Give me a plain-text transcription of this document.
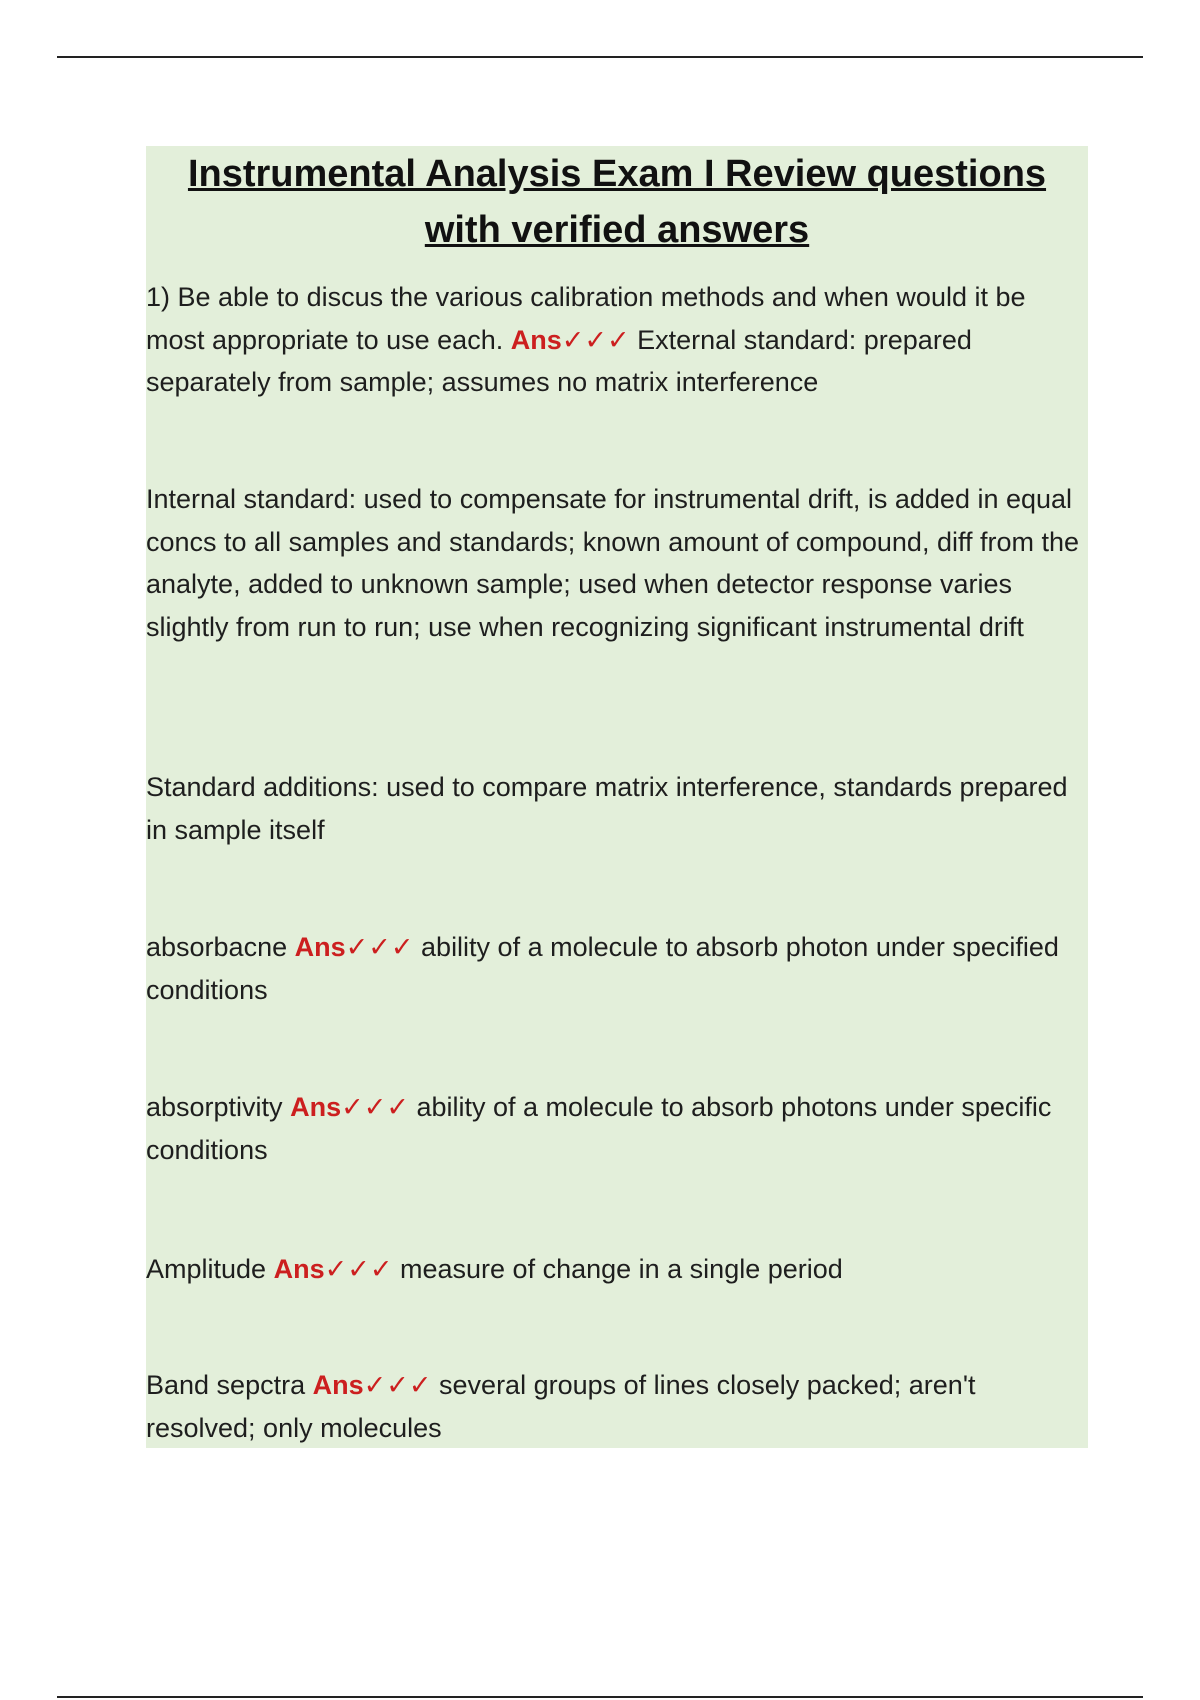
Instrumental Analysis Exam I Review questions
with verified answers
1) Be able to discus the various calibration methods and when would it be most appropriate to use each. Ans✓✓✓ External standard: prepared separately from sample; assumes no matrix interference
Internal standard: used to compensate for instrumental drift, is added in equal concs to all samples and standards; known amount of compound, diff from the analyte, added to unknown sample; used when detector response varies slightly from run to run; use when recognizing significant instrumental drift
Standard additions: used to compare matrix interference, standards prepared in sample itself
absorbacne Ans✓✓✓ ability of a molecule to absorb photon under specified conditions
absorptivity Ans✓✓✓ ability of a molecule to absorb photons under specific conditions
Amplitude Ans✓✓✓ measure of change in a single period
Band sepctra Ans✓✓✓ several groups of lines closely packed; aren't resolved; only molecules
